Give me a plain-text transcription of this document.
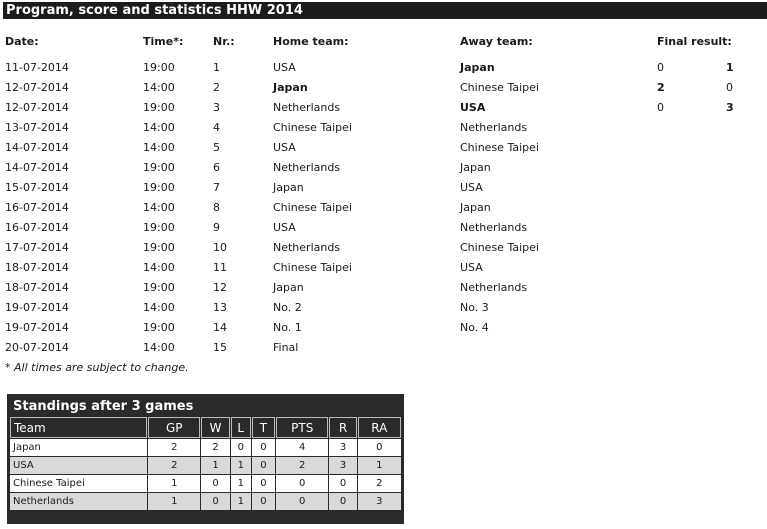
Program, score and statistics HHW 2014
Date:	Time*:	Nr.:	Home team:	Away team:	Final result:
11-07-2014	19:00	1	USA	Japan	0	1
12-07-2014	14:00	2	Japan	Chinese Taipei	2	0
12-07-2014	19:00	3	Netherlands	USA	0	3
13-07-2014	14:00	4	Chinese Taipei	Netherlands
14-07-2014	14:00	5	USA	Chinese Taipei
14-07-2014	19:00	6	Netherlands	Japan
15-07-2014	19:00	7	Japan	USA
16-07-2014	14:00	8	Chinese Taipei	Japan
16-07-2014	19:00	9	USA	Netherlands
17-07-2014	19:00	10	Netherlands	Chinese Taipei
18-07-2014	14:00	11	Chinese Taipei	USA
18-07-2014	19:00	12	Japan	Netherlands
19-07-2014	14:00	13	No. 2	No. 3
19-07-2014	19:00	14	No. 1	No. 4
20-07-2014	14:00	15	Final
* All times are subject to change.
Standings after 3 games
Team	GP	W	L	T	PTS	R	RA
Japan	2	2	0	0	4	3	0
USA	2	1	1	0	2	3	1
Chinese Taipei	1	0	1	0	0	0	2
Netherlands	1	0	1	0	0	0	3
